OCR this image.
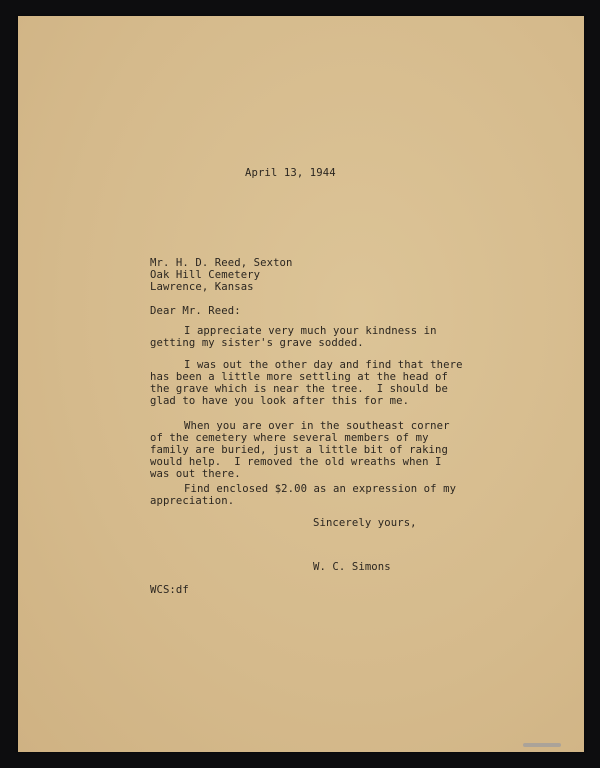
April 13, 1944
Mr. H. D. Reed, Sexton
Oak Hill Cemetery
Lawrence, Kansas
Dear Mr. Reed:
I appreciate very much your kindness in
getting my sister's grave sodded.
I was out the other day and find that there
has been a little more settling at the head of
the grave which is near the tree.  I should be
glad to have you look after this for me.
When you are over in the southeast corner
of the cemetery where several members of my
family are buried, just a little bit of raking
would help.  I removed the old wreaths when I
was out there.
Find enclosed $2.00 as an expression of my
appreciation.
Sincerely yours,
W. C. Simons
WCS:df
